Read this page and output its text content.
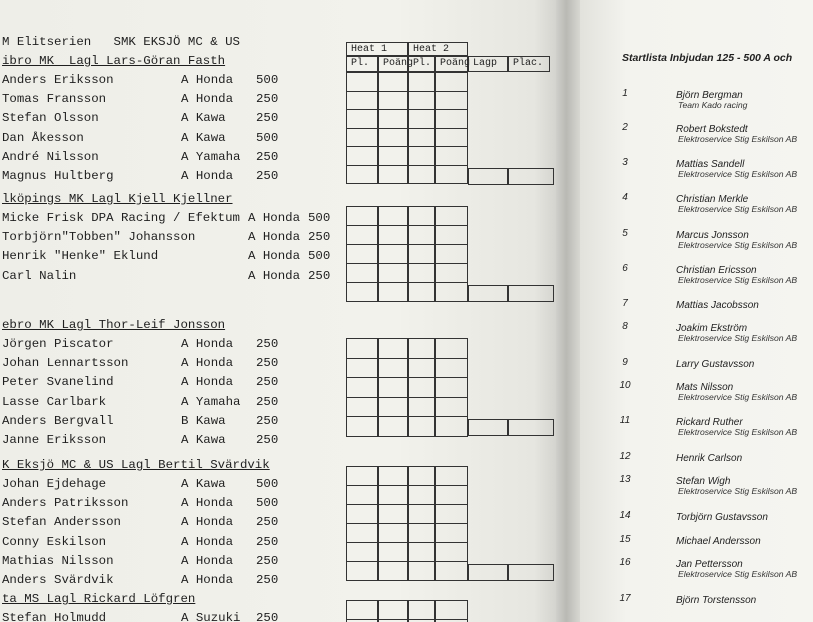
M Elitserien   SMK EKSJÖ MC & US
ibro MK  Lagl Lars-Göran Fasth
Anders Eriksson	A Honda 500
Tomas Fransson	A Honda 250
Stefan Olsson	A Kawa 250
Dan Åkesson	A Kawa 500
André Nilsson	A Yamaha 250
Magnus Hultberg	A Honda 250
lköpings MK Lagl Kjell Kjellner
Micke Frisk DPA Racing / Efektum A Honda 500
Torbjörn"Tobben" Johansson	A Honda 250
Henrik "Henke" Eklund	A Honda 500
Carl Nalin	A Honda 250
ebro MK Lagl Thor-Leif Jonsson
Jörgen Piscator	A Honda 250
Johan Lennartsson	A Honda 250
Peter Svanelind	A Honda 250
Lasse Carlbark	A Yamaha 250
Anders Bergvall	B Kawa 250
Janne Eriksson	A Kawa 250
K Eksjö MC & US Lagl Bertil Svärdvik
Johan Ejdehage	A Kawa 500
Anders Patriksson	A Honda 500
Stefan Andersson	A Honda 250
Conny Eskilson	A Honda 250
Mathias Nilsson	A Honda 250
Anders Svärdvik	A Honda 250
ta MS Lagl Rickard Löfgren
Stefan Holmudd	A Suzuki 250
Heat 1	Heat 2
Pl. Poäng Pl. Poäng Lagp Plac.	Startlista Inbjudan 125 - 500 A och
1	Björn Bergman
Team Kado racing
2	Robert Bokstedt
Elektroservice Stig Eskilson AB
3	Mattias Sandell
Elektroservice Stig Eskilson AB
4	Christian Merkle
Elektroservice Stig Eskilson AB
5	Marcus Jonsson
Elektroservice Stig Eskilson AB
6	Christian Ericsson
Elektroservice Stig Eskilson AB
7	Mattias Jacobsson
8	Joakim Ekström
Elektroservice Stig Eskilson AB
9	Larry Gustavsson
10	Mats Nilsson
Elektroservice Stig Eskilson AB
11	Rickard Ruther
Elektroservice Stig Eskilson AB
12	Henrik Carlson
13	Stefan Wigh
Elektroservice Stig Eskilson AB
14	Torbjörn Gustavsson
15	Michael Andersson
16	Jan Pettersson
Elektroservice Stig Eskilson AB
17	Björn Torstensson
